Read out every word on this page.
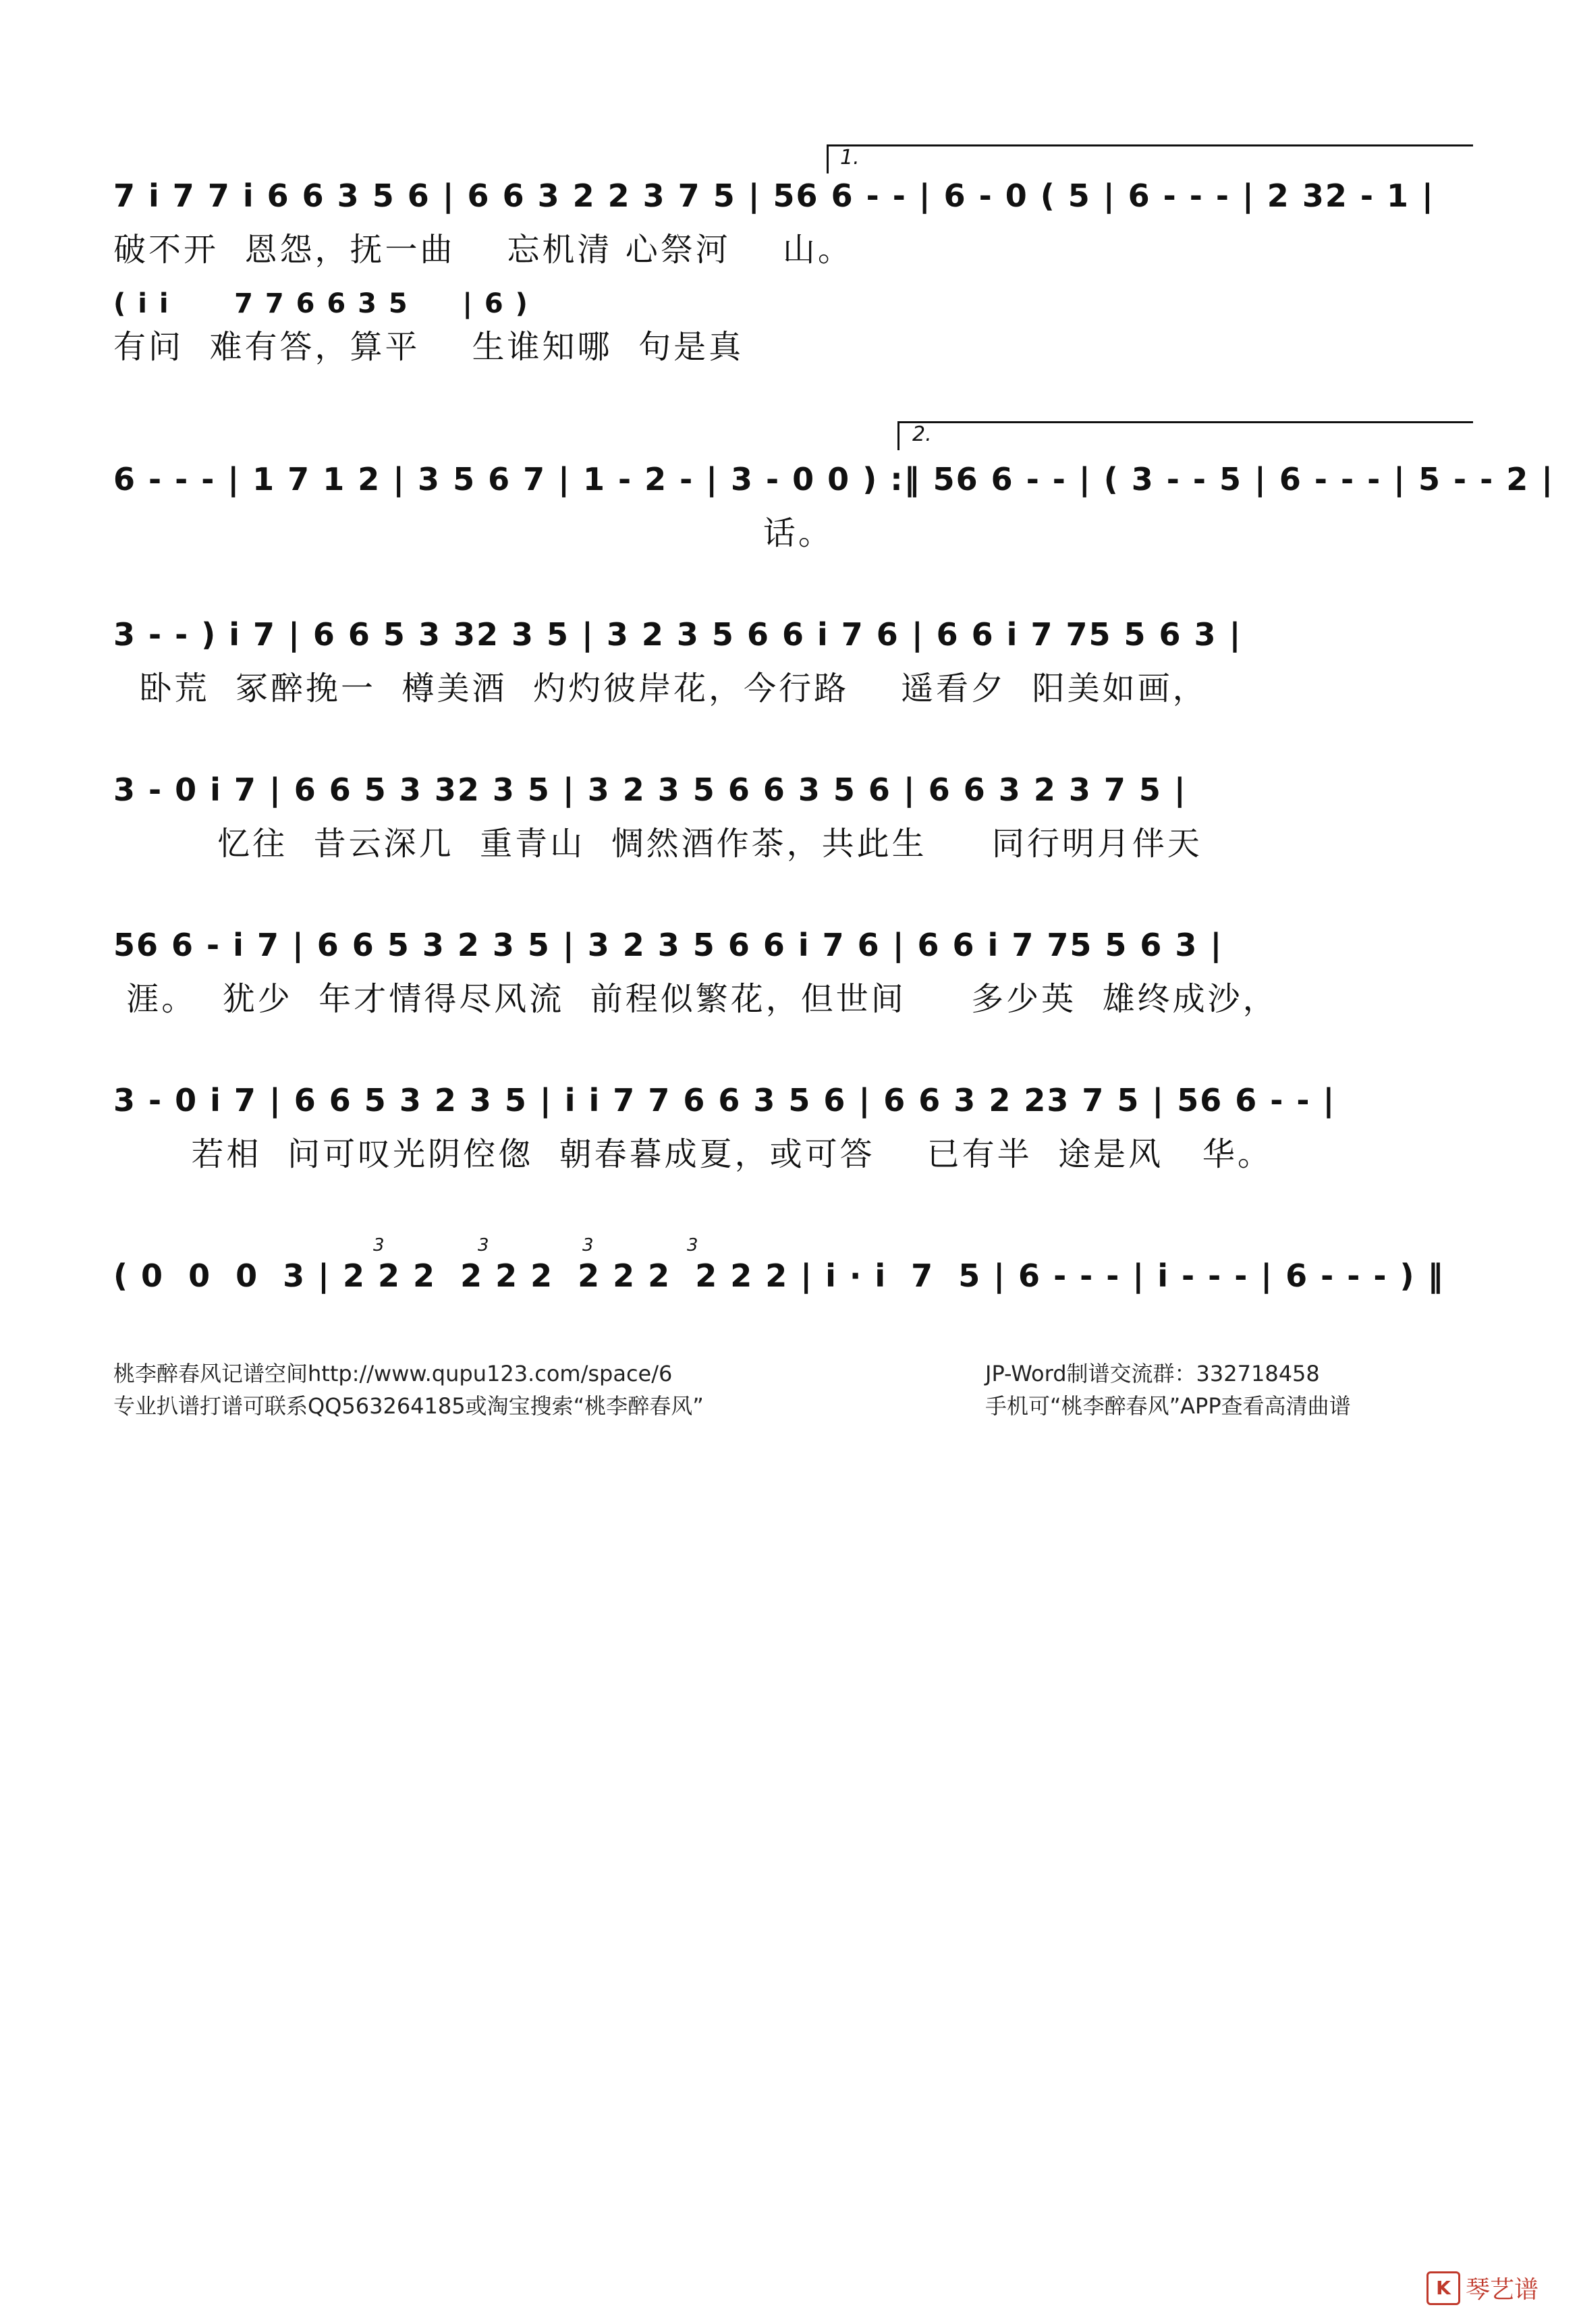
7 i 7 7 i 6 6 3 5 6 | 6 6 3 2 2 3 7 5 | 56 6 - - | 6 - 0 ( 5 | 6 - - - | 2 32 - 1 |
破不开  恩怨，抚一曲    忘机清 心祭河    山。
1.
( i i      7 7 6 6 3 5     | 6 )
有问  难有答，算平    生谁知哪  句是真
6 - - - | 1 7 1 2 | 3 5 6 7 | 1 - 2 - | 3 - 0 0 ) :‖ 56 6 - - | ( 3 - - 5 | 6 - - - | 5 - - 2 |
话。
2.
3 - - ) i 7 | 6 6 5 3 32 3 5 | 3 2 3 5 6 6 i 7 6 | 6 6 i 7 75 5 6 3 |
卧荒  冢醉挽一  樽美酒  灼灼彼岸花，今行路    遥看夕  阳美如画，
3 - 0 i 7 | 6 6 5 3 32 3 5 | 3 2 3 5 6 6 3 5 6 | 6 6 3 2 3 7 5 |
忆往  昔云深几  重青山  惆然酒作茶，共此生     同行明月伴天
56 6 - i 7 | 6 6 5 3 2 3 5 | 3 2 3 5 6 6 i 7 6 | 6 6 i 7 75 5 6 3 |
涯。  犹少  年才情得尽风流  前程似繁花，但世间     多少英  雄终成沙，
3 - 0 i 7 | 6 6 5 3 2 3 5 | i i 7 7 6 6 3 5 6 | 6 6 3 2 23 7 5 | 56 6 - - |
若相  问可叹光阴倥偬  朝春暮成夏，或可答    已有半  途是风   华。
( 0  0  0  3 | 2 2 2  2 2 2  2 2 2  2 2 2 | i · i  7  5 | 6 - - - | i - - - | 6 - - - ) ‖
3	3	3	3
桃李醉春风记谱空间http://www.qupu123.com/space/6
专业扒谱打谱可联系QQ563264185或淘宝搜索“桃李醉春风”
JP-Word制谱交流群：332718458
手机可“桃李醉春风”APP查看高清曲谱
K 琴艺谱
